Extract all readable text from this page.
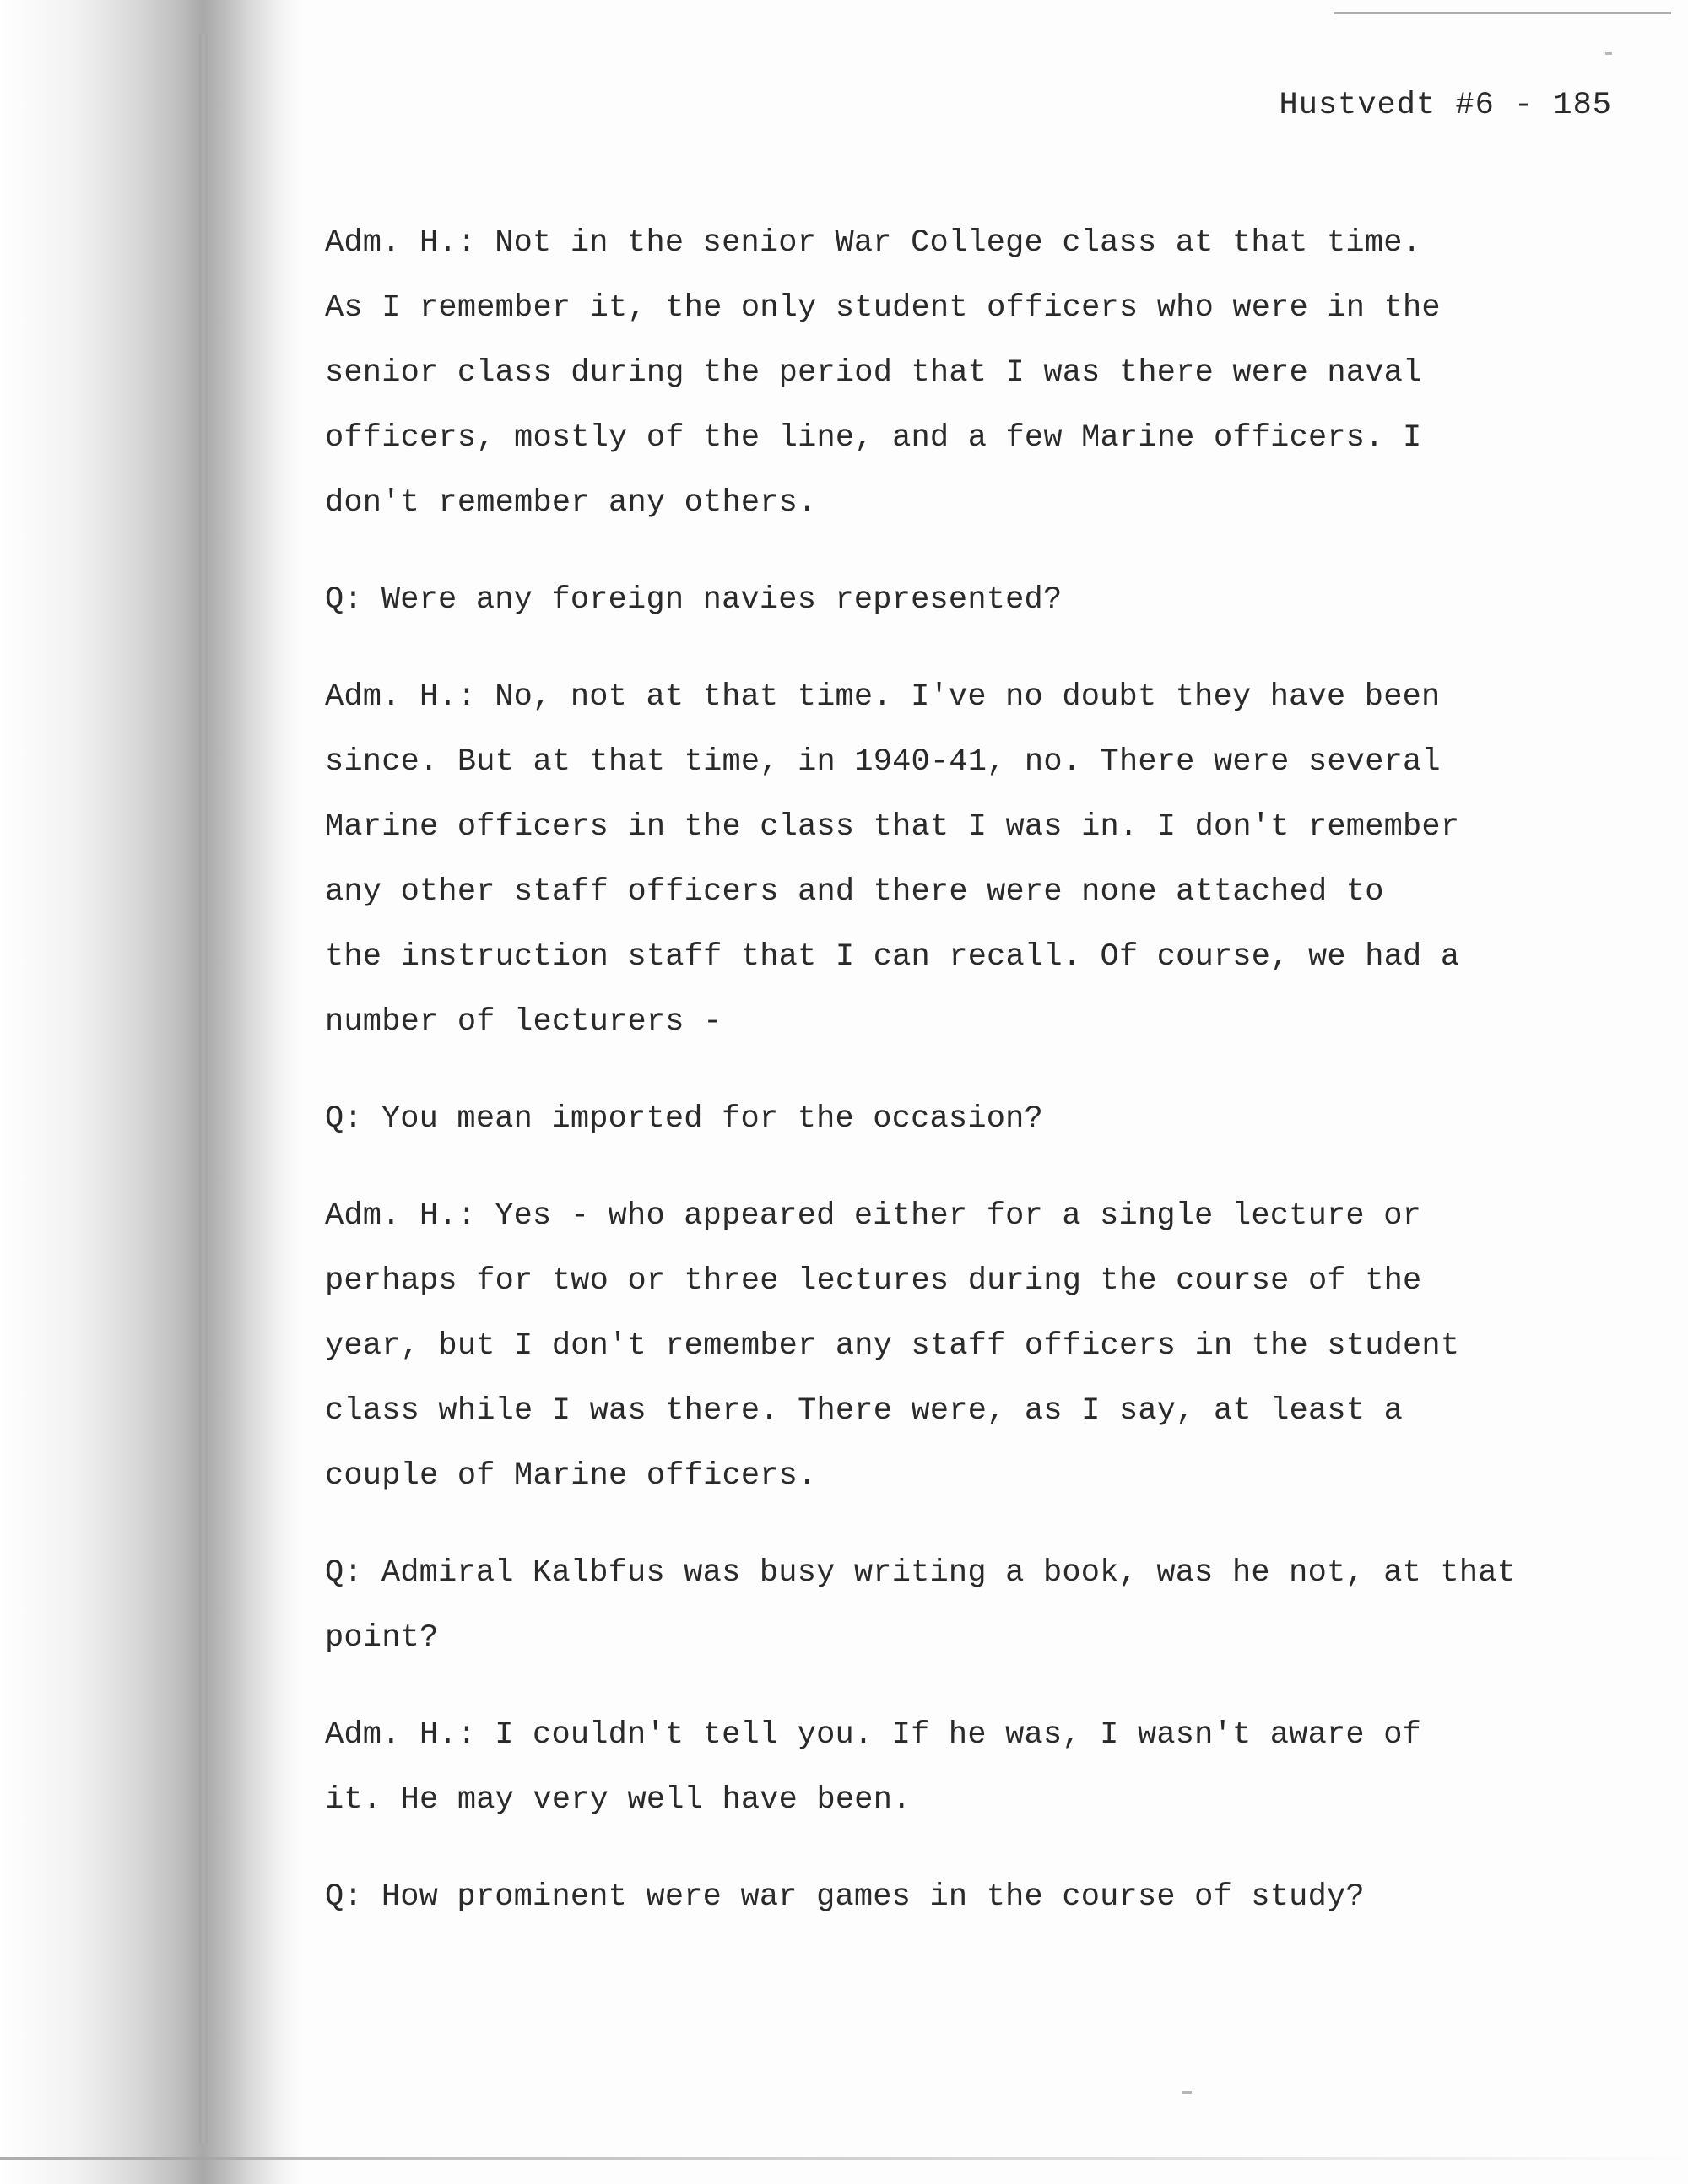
Hustvedt #6 - 185
Adm. H.: Not in the senior War College class at that time.
As I remember it, the only student officers who were in the
senior class during the period that I was there were naval
officers, mostly of the line, and a few Marine officers. I
don't remember any others.
Q: Were any foreign navies represented?
Adm. H.: No, not at that time. I've no doubt they have been
since. But at that time, in 1940-41, no. There were several
Marine officers in the class that I was in. I don't remember
any other staff officers and there were none attached to
the instruction staff that I can recall. Of course, we had a
number of lecturers -
Q: You mean imported for the occasion?
Adm. H.: Yes - who appeared either for a single lecture or
perhaps for two or three lectures during the course of the
year, but I don't remember any staff officers in the student
class while I was there. There were, as I say, at least a
couple of Marine officers.
Q: Admiral Kalbfus was busy writing a book, was he not, at that
point?
Adm. H.: I couldn't tell you. If he was, I wasn't aware of
it. He may very well have been.
Q: How prominent were war games in the course of study?
